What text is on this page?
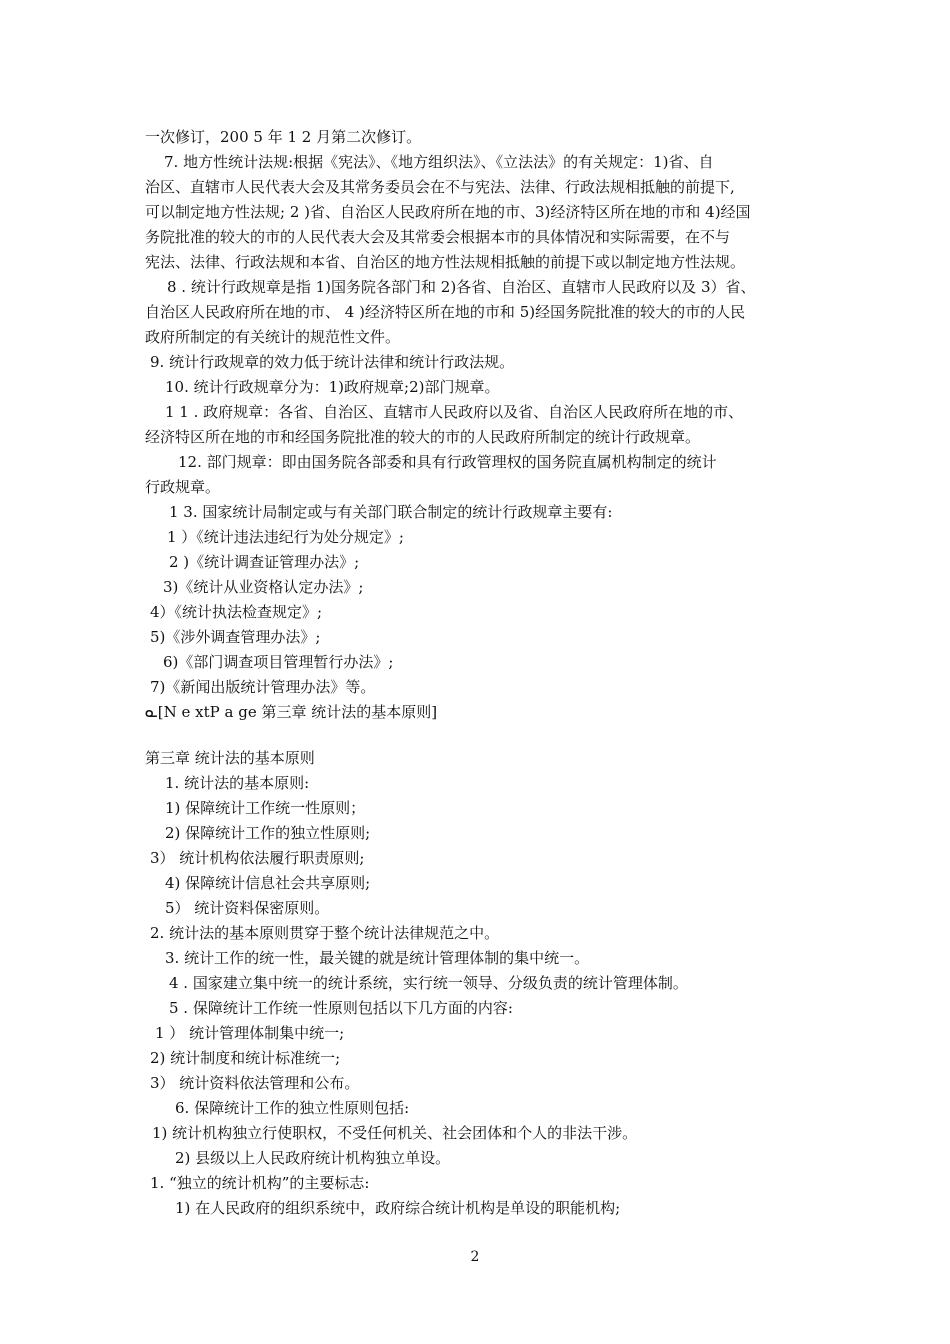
一次修订，200 5 年 1 2 月第二次修订。
7. 地方性统计法规:根据《宪法》、《地方组织法》、《立法法》的有关规定：1)省、自
治区、直辖市人民代表大会及其常务委员会在不与宪法、法律、行政法规相抵触的前提下,
可以制定地方性法规; 2 )省、自治区人民政府所在地的市、3)经济特区所在地的市和 4)经国
务院批准的较大的市的人民代表大会及其常委会根据本市的具体情况和实际需要，在不与
宪法、法律、行政法规和本省、自治区的地方性法规相抵触的前提下或以制定地方性法规。
8 . 统计行政规章是指 1)国务院各部门和 2)各省、自治区、直辖市人民政府以及 3）省、
自治区人民政府所在地的市、 4 )经济特区所在地的市和 5)经国务院批准的较大的市的人民
政府所制定的有关统计的规范性文件。
9. 统计行政规章的效力低于统计法律和统计行政法规。
10. 统计行政规章分为：1)政府规章;2)部门规章。
1 1 . 政府规章：各省、自治区、直辖市人民政府以及省、自治区人民政府所在地的市、
经济特区所在地的市和经国务院批准的较大的市的人民政府所制定的统计行政规章。
12. 部门规章：即由国务院各部委和具有行政管理权的国务院直属机构制定的统计
行政规章。
1 3. 国家统计局制定或与有关部门联合制定的统计行政规章主要有:
1 ）《统计违法违纪行为处分规定》;
2 )《统计调查证管理办法》;
3)《统计从业资格认定办法》;
4）《统计执法检查规定》;
5)《涉外调查管理办法》;
6)《部门调查项目管理暂行办法》;
7)《新闻出版统计管理办法》等。
ᓇ[N e xtP a ge 第三章 统计法的基本原则]
第三章 统计法的基本原则
1. 统计法的基本原则:
1) 保障统计工作统一性原则；
2) 保障统计工作的独立性原则;
3） 统计机构依法履行职责原则;
4) 保障统计信息社会共享原则;
5） 统计资料保密原则。
2. 统计法的基本原则贯穿于整个统计法律规范之中。
3. 统计工作的统一性，最关键的就是统计管理体制的集中统一。
4 . 国家建立集中统一的统计系统，实行统一领导、分级负责的统计管理体制。
5 . 保障统计工作统一性原则包括以下几方面的内容:
1 ） 统计管理体制集中统一;
2) 统计制度和统计标准统一;
3） 统计资料依法管理和公布。
6. 保障统计工作的独立性原则包括:
1) 统计机构独立行使职权，不受任何机关、社会团体和个人的非法干涉。
2) 县级以上人民政府统计机构独立单设。
1. “独立的统计机构”的主要标志:
1) 在人民政府的组织系统中，政府综合统计机构是单设的职能机构;
2
